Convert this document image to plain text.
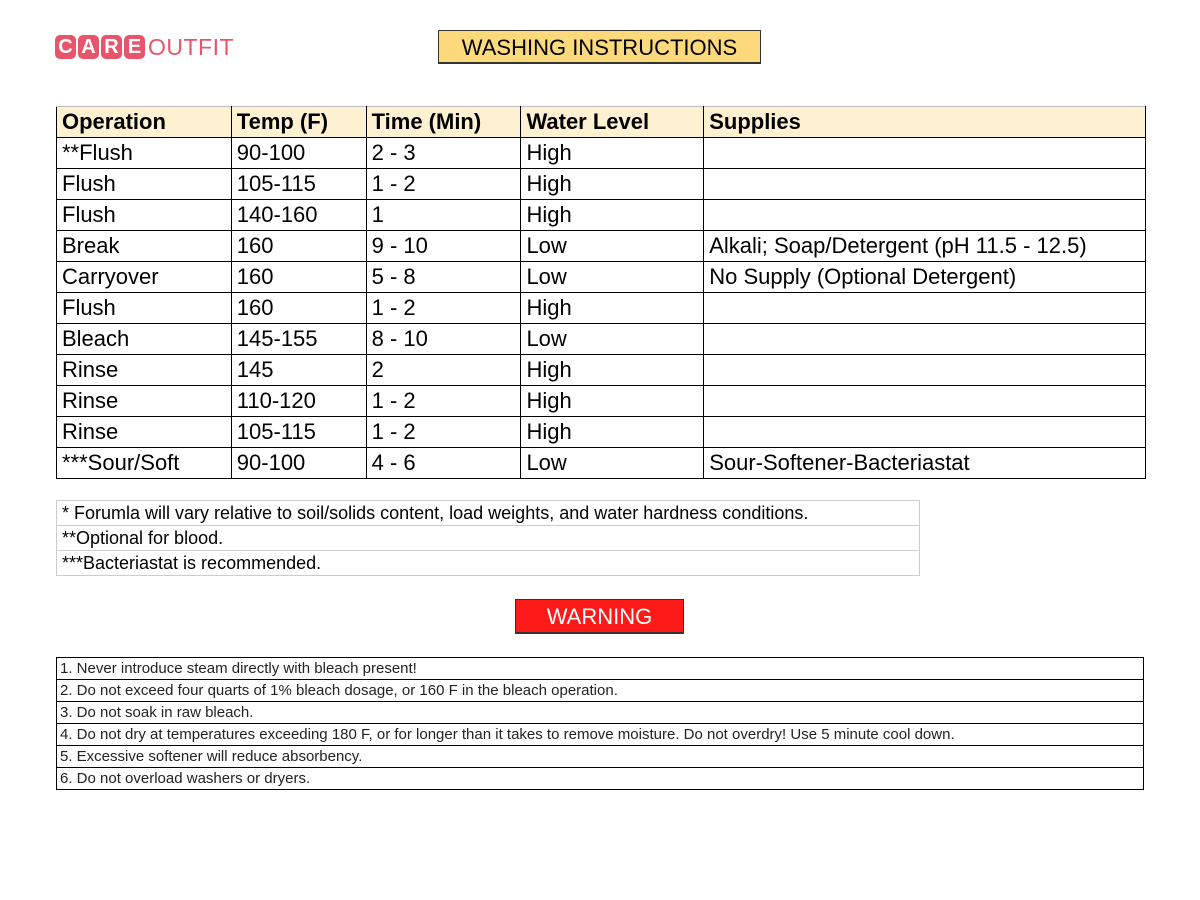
C A R E OUTFIT	WASHING INSTRUCTIONS
Operation	Temp (F)	Time (Min)	Water Level	Supplies
**Flush	90-100	2 - 3	High	
Flush	105-115	1 - 2	High	
Flush	140-160	1	High	
Break	160	9 - 10	Low	Alkali; Soap/Detergent (pH 11.5 - 12.5)
Carryover	160	5 - 8	Low	No Supply (Optional Detergent)
Flush	160	1 - 2	High	
Bleach	145-155	8 - 10	Low	
Rinse	145	2	High	
Rinse	110-120	1 - 2	High	
Rinse	105-115	1 - 2	High	
***Sour/Soft	90-100	4 - 6	Low	Sour-Softener-Bacteriastat
* Forumla will vary relative to soil/solids content, load weights, and water hardness conditions.
**Optional for blood.
***Bacteriastat is recommended.
WARNING
1. Never introduce steam directly with bleach present!
2. Do not exceed four quarts of 1% bleach dosage, or 160 F in the bleach operation.
3. Do not soak in raw bleach.
4. Do not dry at temperatures exceeding 180 F, or for longer than it takes to remove moisture. Do not overdry! Use 5 minute cool down.
5. Excessive softener will reduce absorbency.
6. Do not overload washers or dryers.
